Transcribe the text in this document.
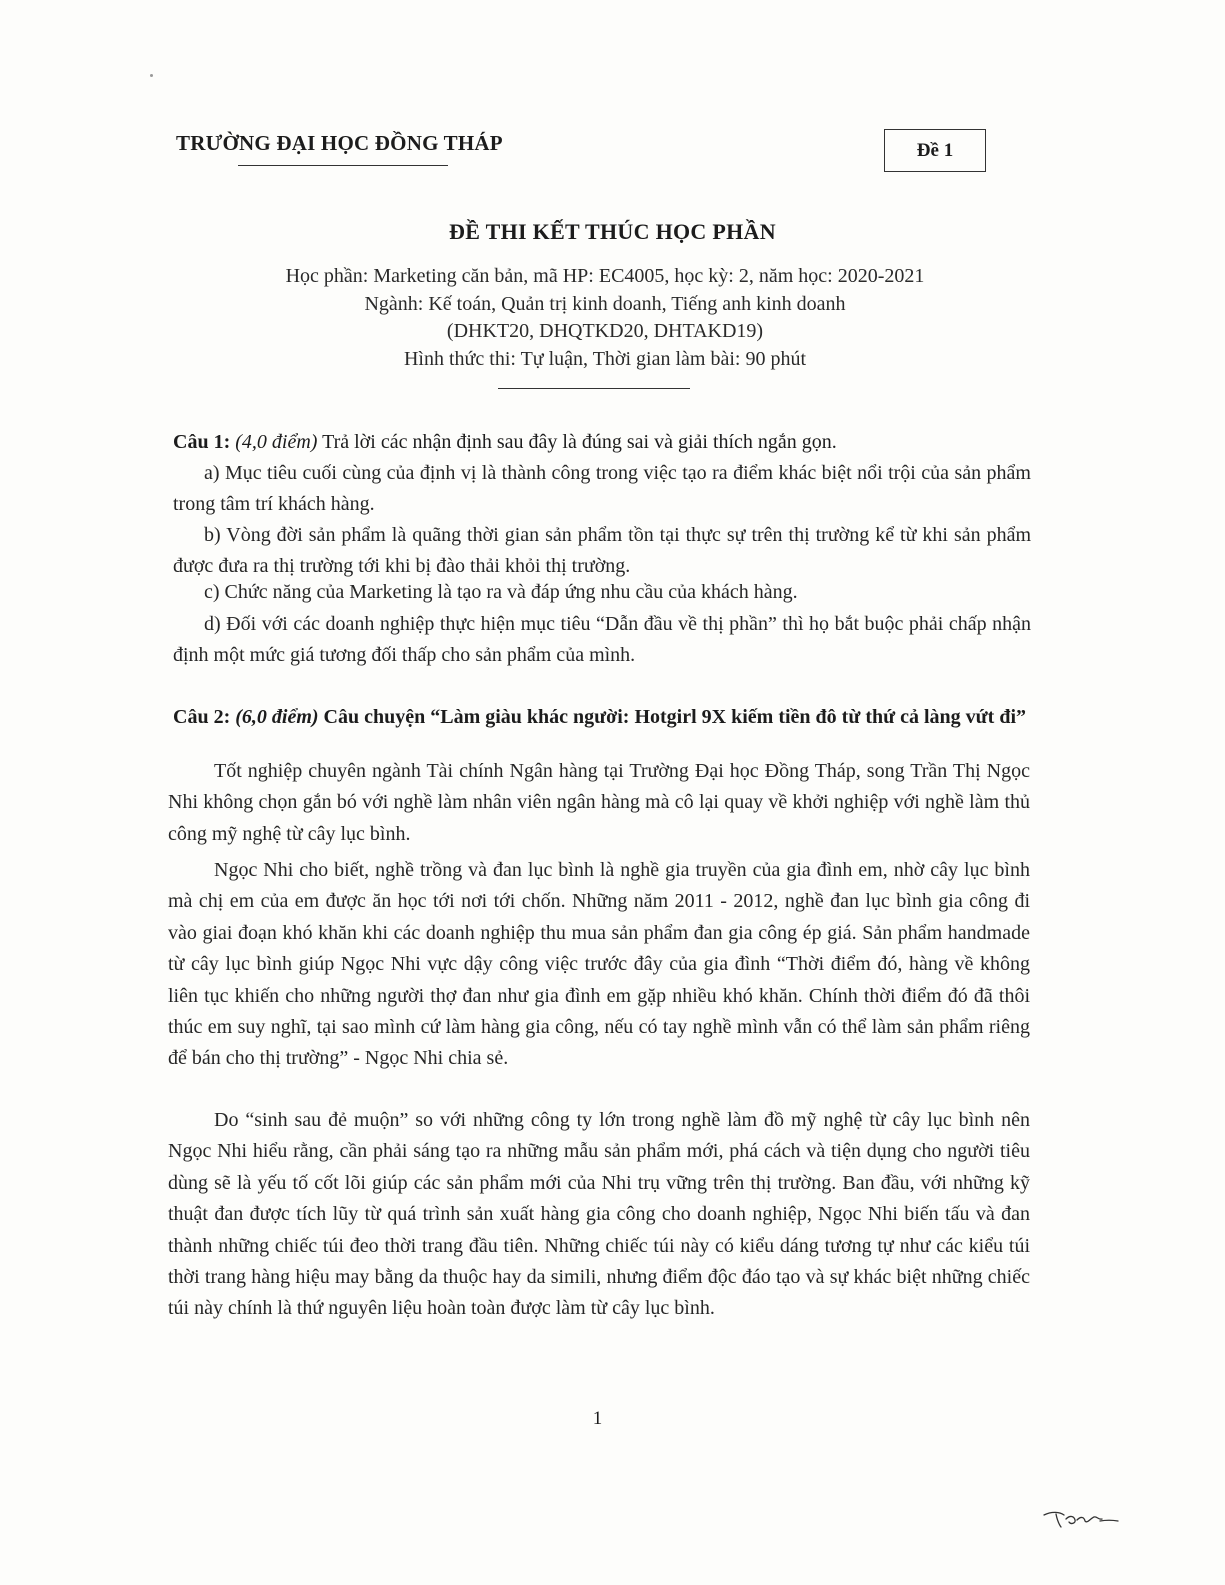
TRƯỜNG ĐẠI HỌC ĐỒNG THÁP	Đề 1
ĐỀ THI KẾT THÚC HỌC PHẦN
Học phần: Marketing căn bản, mã HP: EC4005, học kỳ: 2, năm học: 2020-2021
Ngành: Kế toán, Quản trị kinh doanh, Tiếng anh kinh doanh
(DHKT20, DHQTKD20, DHTAKD19)
Hình thức thi: Tự luận, Thời gian làm bài: 90 phút
Câu 1: (4,0 điểm) Trả lời các nhận định sau đây là đúng sai và giải thích ngắn gọn.
a) Mục tiêu cuối cùng của định vị là thành công trong việc tạo ra điểm khác biệt nổi trội của sản phẩm trong tâm trí khách hàng.
b) Vòng đời sản phẩm là quãng thời gian sản phẩm tồn tại thực sự trên thị trường kể từ khi sản phẩm được đưa ra thị trường tới khi bị đào thải khỏi thị trường.
c) Chức năng của Marketing là tạo ra và đáp ứng nhu cầu của khách hàng.
d) Đối với các doanh nghiệp thực hiện mục tiêu “Dẫn đầu về thị phần” thì họ bắt buộc phải chấp nhận định một mức giá tương đối thấp cho sản phẩm của mình.
Câu 2: (6,0 điểm) Câu chuyện “Làm giàu khác người: Hotgirl 9X kiếm tiền đô từ thứ cả làng vứt đi”
Tốt nghiệp chuyên ngành Tài chính Ngân hàng tại Trường Đại học Đồng Tháp, song Trần Thị Ngọc Nhi không chọn gắn bó với nghề làm nhân viên ngân hàng mà cô lại quay về khởi nghiệp với nghề làm thủ công mỹ nghệ từ cây lục bình.
Ngọc Nhi cho biết, nghề trồng và đan lục bình là nghề gia truyền của gia đình em, nhờ cây lục bình mà chị em của em được ăn học tới nơi tới chốn. Những năm 2011 - 2012, nghề đan lục bình gia công đi vào giai đoạn khó khăn khi các doanh nghiệp thu mua sản phẩm đan gia công ép giá. Sản phẩm handmade từ cây lục bình giúp Ngọc Nhi vực dậy công việc trước đây của gia đình “Thời điểm đó, hàng về không liên tục khiến cho những người thợ đan như gia đình em gặp nhiều khó khăn. Chính thời điểm đó đã thôi thúc em suy nghĩ, tại sao mình cứ làm hàng gia công, nếu có tay nghề mình vẫn có thể làm sản phẩm riêng để bán cho thị trường” - Ngọc Nhi chia sẻ.
Do “sinh sau đẻ muộn” so với những công ty lớn trong nghề làm đồ mỹ nghệ từ cây lục bình nên Ngọc Nhi hiểu rằng, cần phải sáng tạo ra những mẫu sản phẩm mới, phá cách và tiện dụng cho người tiêu dùng sẽ là yếu tố cốt lõi giúp các sản phẩm mới của Nhi trụ vững trên thị trường. Ban đầu, với những kỹ thuật đan được tích lũy từ quá trình sản xuất hàng gia công cho doanh nghiệp, Ngọc Nhi biến tấu và đan thành những chiếc túi đeo thời trang đầu tiên. Những chiếc túi này có kiểu dáng tương tự như các kiểu túi thời trang hàng hiệu may bằng da thuộc hay da simili, nhưng điểm độc đáo tạo và sự khác biệt những chiếc túi này chính là thứ nguyên liệu hoàn toàn được làm từ cây lục bình.
1
